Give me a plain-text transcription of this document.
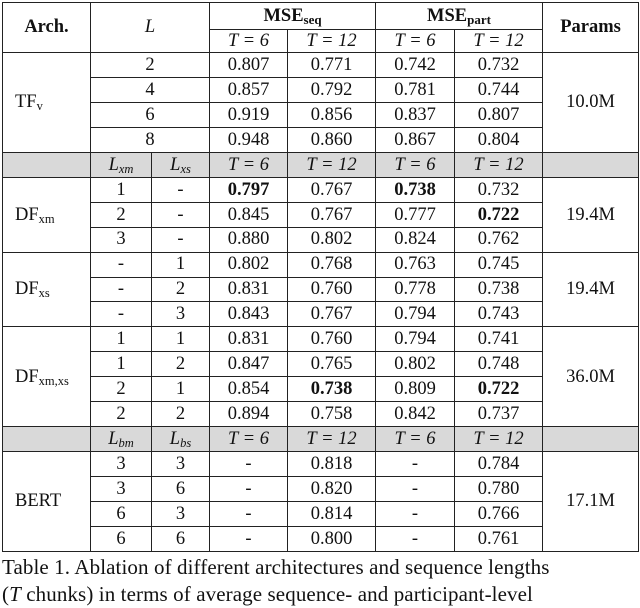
Arch.	L		$MSE_{seq}$		$MSE_{part}$		Params
			T = 6	T = 12	T = 6	T = 12	
$TF_v$	2		0.807	0.771	0.742	0.732	10.0M
	4		0.857	0.792	0.781	0.744	
	6		0.919	0.856	0.837	0.807	
	8		0.948	0.860	0.867	0.804	
	$L_{xm}$	$L_{xs}$	T = 6	T = 12	T = 6	T = 12	
$DF_{xm}$	1	-	0.797	0.767	0.738	0.732	19.4M
	2	-	0.845	0.767	0.777	0.722	
	3	-	0.880	0.802	0.824	0.762	
$DF_{xs}$	-	1	0.802	0.768	0.763	0.745	19.4M
	-	2	0.831	0.760	0.778	0.738	
	-	3	0.843	0.767	0.794	0.743	
$DF_{xm,xs}$	1	1	0.831	0.760	0.794	0.741	36.0M
	1	2	0.847	0.765	0.802	0.748	
	2	1	0.854	0.738	0.809	0.722	
	2	2	0.894	0.758	0.842	0.737	
	$L_{bm}$	$L_{bs}$	T = 6	T = 12	T = 6	T = 12	
BERT	3	3	-	0.818	-	0.784	17.1M
	3	6	-	0.820	-	0.780	
	6	3	-	0.814	-	0.766	
	6	6	-	0.800	-	0.761	
Table 1. Ablation of different architectures and sequence lengths
(T chunks) in terms of average sequence- and participant-level
